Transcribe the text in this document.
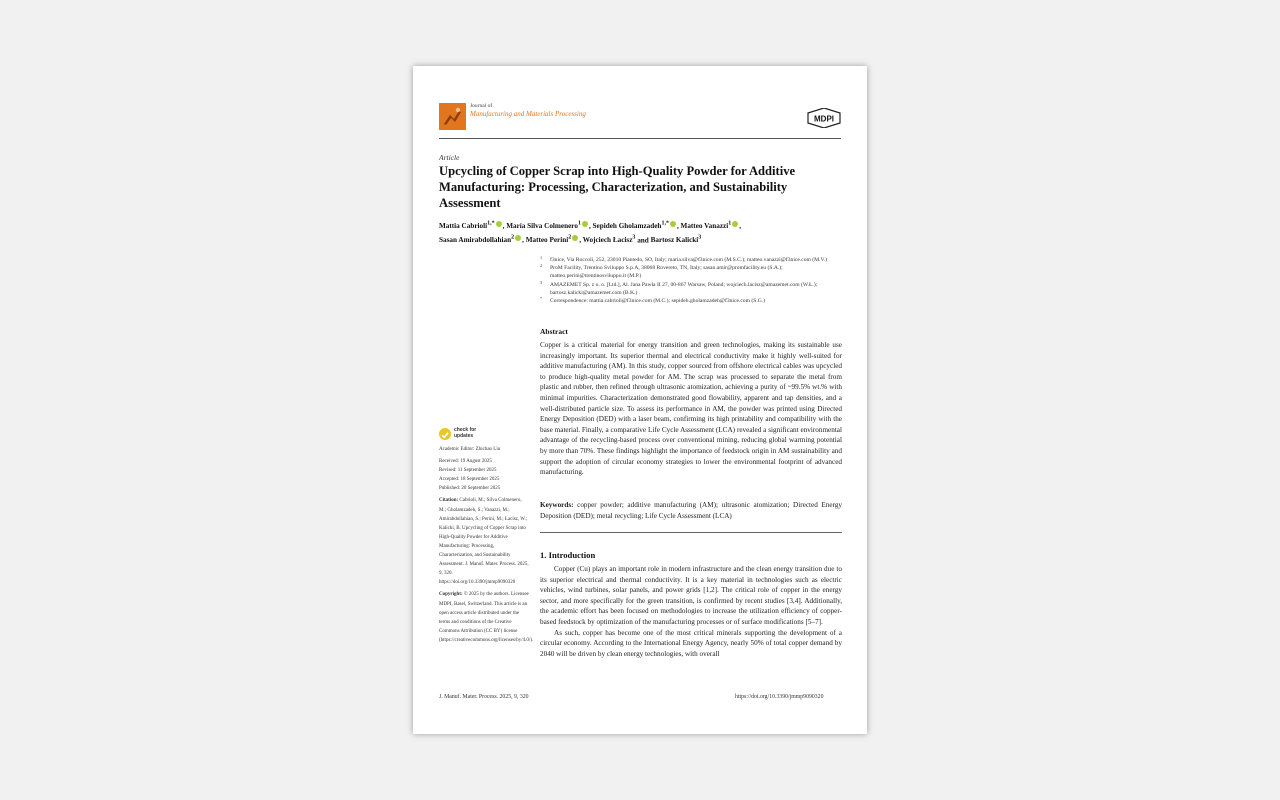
Journal of
Manufacturing and Materials Processing
MDPI
Article
Upcycling of Copper Scrap into High-Quality Powder for Additive Manufacturing: Processing, Characterization, and Sustainability Assessment
Mattia Cabrioli$^{1,*}$ , María Silva Colmenero$^1$ , Sepideh Gholamzadeh$^{1,*}$ , Matteo Vanazzi$^1$ ,
Sasan Amirabdollahian$^2$ , Matteo Perini$^2$ , Wojciech Łacisz$^3$ and Bartosz Kalicki$^3$
1 f3nice, Via Roccoli, 252, 23010 Piantedo, SO, Italy; maria.silva@f3nice.com (M.S.C.); matteo.vanazzi@f3nice.com (M.V.)
2 ProM Facility, Trentino Sviluppo S.p.A, 38068 Rovereto, TN, Italy; sasan.amir@promfacility.eu (S.A.); matteo.perini@trentinosviluppo.it (M.P.)
3 AMAZEMET Sp. z o. o. [Ltd.], Al. Jana Pawła II 27, 00-867 Warsaw, Poland; wojciech.lacisz@amazemet.com (W.Ł.); bartosz.kalicki@amazemet.com (B.K.)
* Correspondence: mattia.cabrioli@f3nice.com (M.C.); sepideh.gholamzadeh@f3nice.com (S.G.)
Abstract
Copper is a critical material for energy transition and green technologies, making its sustainable use increasingly important. Its superior thermal and electrical conductivity make it highly well-suited for additive manufacturing (AM). In this study, copper sourced from offshore electrical cables was upcycled to produce high-quality metal powder for AM. The scrap was processed to separate the metal from plastic and rubber, then refined through ultrasonic atomization, achieving a purity of ~99.5% wt.% with minimal impurities. Characterization demonstrated good flowability, apparent and tap densities, and a well-distributed particle size. To assess its performance in AM, the powder was printed using Directed Energy Deposition (DED) with a laser beam, confirming its high printability and compatibility with the base material. Finally, a comparative Life Cycle Assessment (LCA) revealed a significant environmental advantage of the recycling-based process over conventional mining, reducing global warming potential by more than 70%. These findings highlight the importance of feedstock origin in AM sustainability and support the adoption of circular economy strategies to lower the environmental footprint of advanced manufacturing.
Keywords: copper powder; additive manufacturing (AM); ultrasonic atomization; Directed Energy Deposition (DED); metal recycling; Life Cycle Assessment (LCA)
1. Introduction

Copper (Cu) plays an important role in modern infrastructure and the clean energy transition due to its superior electrical and thermal conductivity. It is a key material in technologies such as electric vehicles, wind turbines, solar panels, and power grids [1,2]. The critical role of copper in the energy sector, and more specifically for the green transition, is confirmed by recent studies [3,4]. Additionally, the academic effort has been focused on methodologies to increase the utilization efficiency of copper-based feedstock by optimization of the manufacturing processes or of surface modifications [5–7].

As such, copper has become one of the most critical minerals supporting the development of a circular economy. According to the International Energy Agency, nearly 50% of total copper demand by 2040 will be driven by clean energy technologies, with overall

check for
updates

Academic Editor: Zhichao Liu

Received: 19 August 2025

Revised: 11 September 2025

Accepted: 18 September 2025

Published: 20 September 2025

Citation: Cabrioli, M.; Silva Colmenero, M.; Gholamzadeh, S.; Vanazzi, M.; Amirabdollahian, S.; Perini, M.; Łacisz, W.; Kalicki, B. Upcycling of Copper Scrap into High-Quality Powder for Additive Manufacturing: Processing, Characterization, and Sustainability Assessment. J. Manuf. Mater. Process. 2025, 9, 320. https://doi.org/10.3390/jmmp9090320

Copyright: © 2025 by the authors. Licensee MDPI, Basel, Switzerland. This article is an open access article distributed under the terms and conditions of the Creative Commons Attribution (CC BY) license (https://creativecommons.org/licenses/by/4.0/).

J. Manuf. Mater. Process. 2025, 9, 320	https://doi.org/10.3390/jmmp9090320
